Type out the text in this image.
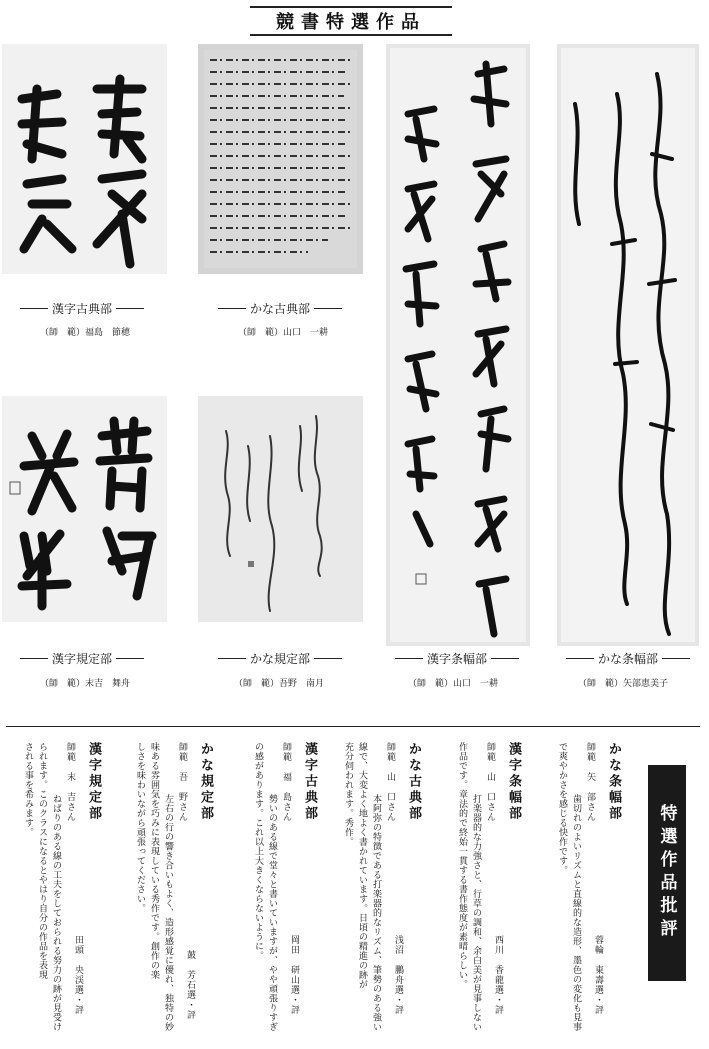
競書特選作品
漢字古典部
（師　範）福島　節穂
かな古典部
（師　範）山口　一耕
漢字条幅部
（師　範）山口　一耕
かな条幅部
（師　範）矢部恵美子
漢字規定部
（師　範）末吉　舞舟
かな規定部
（師　範）吾野　南月
特選作品批評
かな条幅部
師範　矢　部さん
歯切れのよいリズムと直線的な造形、墨色の変化も見事
で爽やかさを感じる快作です。
蓉輪　東壽選・評
漢字条幅部
師範　山　口さん
打楽器的な力強さと、行草の調和、余白美が見事しない
作品です。章法的で終始一貫する書作態度が素晴らしい。	西川　香龍選・評
かな古典部
師範　山　口さん
本阿弥の特徴である打楽器的なリズム、筆勢のある強い
線で、大変よく地よく書かれています。日頃の精進の跡が
充分伺われます。秀作。
浅沼　鵬舟選・評
漢字古典部
師範　福　島さん
勢いのある線で堂々と書いていますが、やや頑張りすぎ
の感があります。これ以上大きくならないように。
岡田　研山選・評
かな規定部
師範　吾　野さん
左右の行の響き合いもよく、造形感覚に優れ、独特の妙
味ある雰囲気を巧みに表現している秀作です。創作の楽
しさを味わいながら頑張ってください。
皷　芳石選・評
漢字規定部
師範　末　吉さん
ねばりのある線の工夫をしておられる努力の跡が見受け
られます。このクラスになるとやはり自分の作品を表現
される事を希みます。
田頭　央渓選・評
